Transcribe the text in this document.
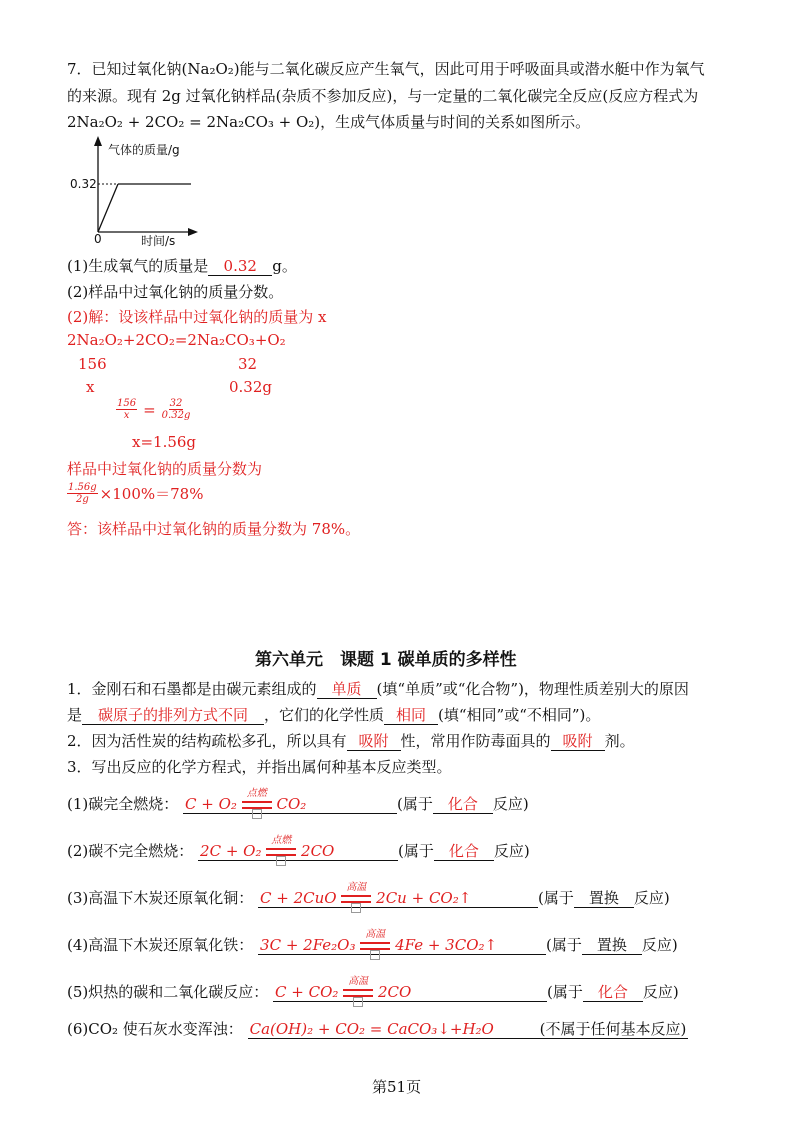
7．已知过氧化钠(Na₂O₂)能与二氧化碳反应产生氧气，因此可用于呼吸面具或潜水艇中作为氧气
的来源。现有 2g 过氧化钠样品(杂质不参加反应)，与一定量的二氧化碳完全反应(反应方程式为
2Na₂O₂ + 2CO₂ = 2Na₂CO₃ + O₂)，生成气体质量与时间的关系如图所示。
气体的质量/g
0.32
0	时间/s
(1)生成氧气的质量是 0.32 g。
(2)样品中过氧化钠的质量分数。
(2)解：设该样品中过氧化钠的质量为 x
2Na₂O₂+2CO₂=2Na₂CO₃+O₂
156	32
x	0.32g
$\frac{156}{x} = \frac{32}{0.32g}$
x=1.56g
样品中过氧化钠的质量分数为
$\frac{1.56g}{2g} \times 100\%=78\%$
答：该样品中过氧化钠的质量分数为 78%。
第六单元　课题 1 碳单质的多样性
1．金刚石和石墨都是由碳元素组成的 单质 (填“单质”或“化合物”)，物理性质差别大的原因
是 碳原子的排列方式不同 ，它们的化学性质 相同 (填“相同”或“不相同”)。
2．因为活性炭的结构疏松多孔，所以具有 吸附 性，常用作防毒面具的 吸附 剂。
3．写出反应的化学方程式，并指出属何种基本反应类型。
(1)碳完全燃烧： C + O₂
点燃
CO₂	(属于 化合 反应)
(2)碳不完全燃烧： 2C + O₂
点燃
2CO	(属于 化合 反应)
(3)高温下木炭还原氧化铜： C + 2CuO
高温
2Cu + CO₂↑	(属于 置换 反应)
(4)高温下木炭还原氧化铁： 3C + 2Fe₂O₃
高温
4Fe + 3CO₂↑	(属于 置换 反应)
(5)炽热的碳和二氧化碳反应： C + CO₂
高温
2CO	(属于 化合 反应)
(6)CO₂ 使石灰水变浑浊： Ca(OH)₂ + CO₂ = CaCO₃↓+H₂O	(不属于任何基本反应)
第51页
